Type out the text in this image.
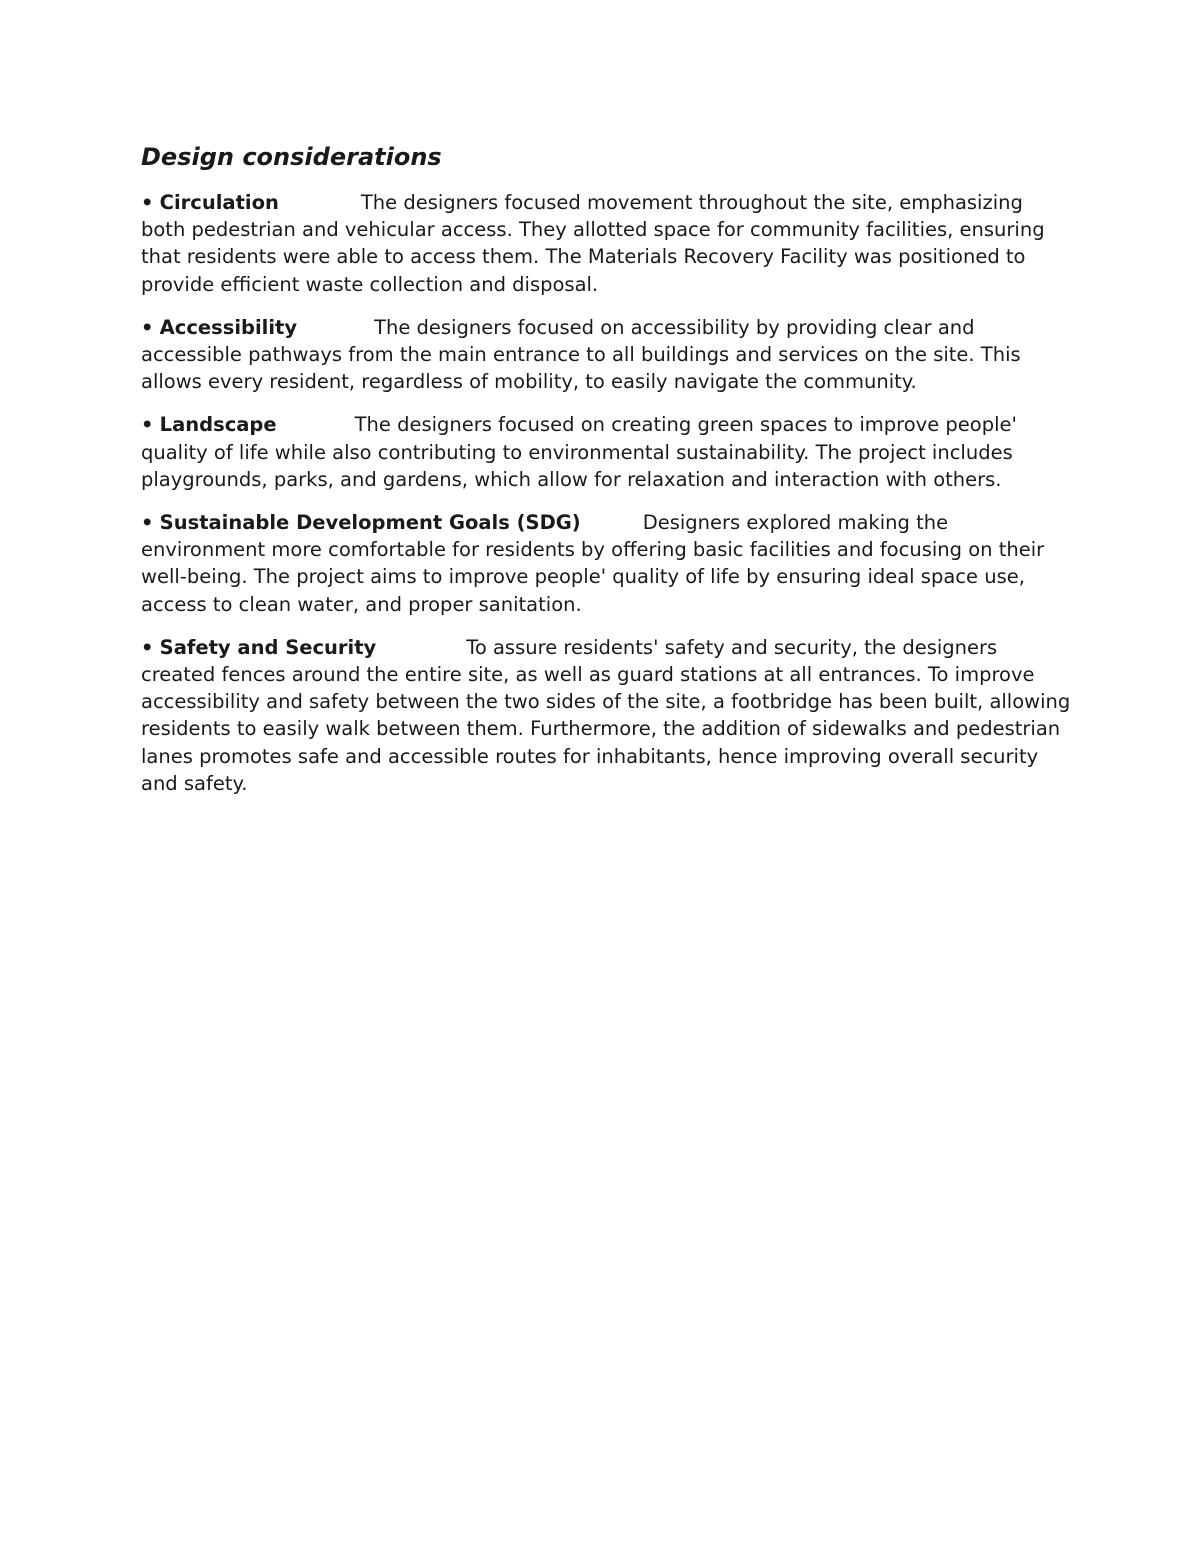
Design considerations

• Circulation	The designers focused movement throughout the site, emphasizing both pedestrian and vehicular access. They allotted space for community facilities, ensuring that residents were able to access them. The Materials Recovery Facility was positioned to provide efficient waste collection and disposal.

• Accessibility	The designers focused on accessibility by providing clear and accessible pathways from the main entrance to all buildings and services on the site. This allows every resident, regardless of mobility, to easily navigate the community.

• Landscape	The designers focused on creating green spaces to improve people' quality of life while also contributing to environmental sustainability. The project includes playgrounds, parks, and gardens, which allow for relaxation and interaction with others.

• Sustainable Development Goals (SDG)	Designers explored making the environment more comfortable for residents by offering basic facilities and focusing on their well-being. The project aims to improve people' quality of life by ensuring ideal space use, access to clean water, and proper sanitation.

• Safety and Security	To assure residents' safety and security, the designers created fences around the entire site, as well as guard stations at all entrances. To improve accessibility and safety between the two sides of the site, a footbridge has been built, allowing residents to easily walk between them. Furthermore, the addition of sidewalks and pedestrian lanes promotes safe and accessible routes for inhabitants, hence improving overall security and safety.
